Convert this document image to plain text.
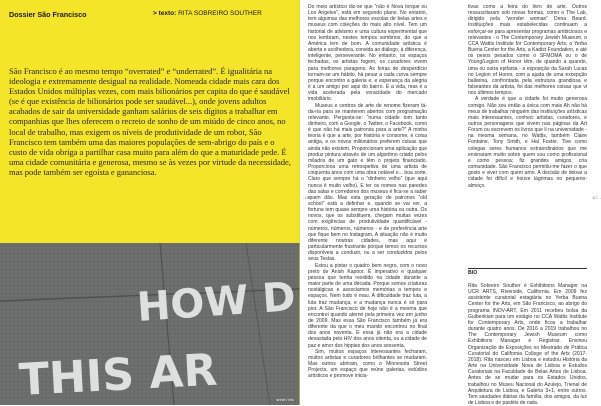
Dossier São Francisco	> texto: RITA SOBREIRO SOUTHER
São Francisco é ao mesmo tempo “overrated” e “underrated”. É igualitária na ideologia e extremamente desigual na realidade. Nomeada cidade mais cara dos Estados Unidos múltiplas vezes, com mais bilionários per capita do que é saudável (se é que existência de bilionários pode ser saudável...), onde jovens adultos acabados de sair da universidade ganham salários de seis dígitos a trabalhar em companhias que lhes oferecem o recreio de sonho de um miúdo de cinco anos, no local de trabalho, mas exigem os níveis de produtividade de um robot, São Francisco tem também uma das maiores populações de sem-abrigo do país e o custo de vida obriga a partilhar casa muito para além do que a maturidade pede. É uma cidade comunitária e generosa, mesmo se às vezes por virtude da necessidade, mas pode também ser egoísta e gananciosa.
THIS AR
HOW D
artnet / info

Do meio artístico diz-se que “não é Nova Iorque ou Los Angeles”, está em segundo plano. No entanto, tem algumas das melhores escolas de belas artes e museus com coleções do mais alto nível. Tem um historial de ativismo e uma cultura experimental que nos lembram, nestes tempos sombrios, do que a América tem de bom. A comunidade artística é aberta e acolhedora, convida ao diálogo, à diferença, inteligente, perseverante. No entanto, os espaços fechadas, os artistas fogem, os curadores vivem para melhores paragens. As feiras de desperdício tornam-se um hábito, há pesar a cada curva sempre porque encontro a galeria e, e esperança da alegria é a um amigo por aqui do bairro. É a vida, mas é a vida acelerada pela voracidade do mercado imobiliário.

Museus e centros de arte de renome fizeram tá-da-ria para se manterem abertos com programação relevante. Pergunta-se: “numa cidade tom tanto dinheiro, com a Google, o Twitter, o Facebook, como é que não há mais patronos para a arte?” A minha teoria é que a arte, por história e consome, é coisa antiga, e os novos milionários preferem coisas que ainda não existem. Proporcionam uma aplicação que produz pintura através de um algoritmo criado pelos milados de um gato e têm o projeto financiado. Proporciona uma retrospetiva de uma artista de cinquenta anos com uma obra notável e... boa sorte. Claro que sempre há o “dinheiro velho” (que aqui nunca é muito velho). E ter os nomes nas paredes das salas e corredores dos museus é fica-se a saber quem dão. Mas esta geração de patronos “old school” está a definhar e, quando se vai ver, a fortuna tem quase sempre uma história ou outra. Os novos, que os substituem, chegam muitas vezes com exigências de produtividade quantificável - números, números, números - e de preferência arte que fique bem no Instagram. A situação não é muito diferente noutras cidades, mas aqui é particularmente frustrante porque temos os recursos disponíveis a conduzir, ou a ser conduzidos pelos seus Teslas.

Estou a pintar o quadro bem negro, com o novo preto de Anish Kapoor. É imperativo e qualquer pessoa que tenha residido na cidade durante a maior parte de uma década. Porque somos criaturas nostálgicas e associamos memórias a tempos e espaços. Nem tudo é mau. A dificuldade traz luta, a luta traz mudança, e a mudança nunca é só para pior. A São Francisco de hoje não é a mesma que encontrei quando aterrei pela primeira vez em junho de 2009. Mas essa São Francisco também já era diferente da que o meu marido encontrou no final dos anos noventa. E essa já não era a cidade devastada pelo HIV dos anos oitenta, ou a cidade de paz e amor dos hippies dos anos sessenta.

Sim, muitos espaços interessantes fecharam, muitos artistas e curadores brilhantes se mudaram. Mas outros abriram, como o Minnesota Street Projects, um espaço que reúne galerias, estúdios artísticos e promove inicia-

tivas como a feira do livro de arte. Outros ressuscitaram sob novas formas, como o The Lab, dirigido pela “wonder woman” Dena Beard. Instituições mais estabelecidas continuam a esforçar-se para apresentar programas ambiciosos e relevantes - o The Contemporary Jewish Museum, o CCA Wattis Institute for Contemporary Arts, o Yerba Buena Center for the Arts, a Kadist Foundation, e até os pesos pesados como o SFMOMA ou o de Young/Legion of Honor têm, de quando a quando, uma ou outra epifania - a exposição da Sarah Lucas no Legion of Honor, com a ajuda de uma excepção bailarina, confrontada pela estrutura grandiosa e falseantes da artista, foi das melhores coisas que vi nos últimos tempos.

A verdade é que a cidade foi muito generosa comigo. Não sou então a única com mais Ah não há meus de trabalhar ninguém das instituições artísticas mais interessantes, conheci artistas, curadores, e outros personagens que vivem nas páginas da Art Forum ou escrevem os livros que li na universidade - na mesma semana, no Wattis, também Claire Fontaine, Tony Smith, e Hal Foster. Tive como colegas seres humanos extraordinários que me ensinaram muito sobre quem sou como profissional e como pessoa; fiz grandes amigos, cria comunidade. São Francisco permitiu-me fazer o que gosto e viver com quem amo. A decisão de deixar a cidade foi difícil e houve lágrimas no pequeno-almoço.

←116	117→
BIO
Rita Sobreiro Souther é Exhibitions Manager na UCR ARTS, Riverside, California. Em 2009 fez assistente curatorial estagiária no Yerba Buena Center for the Arts, em São Francisco, ao abrigo do programa INOV-ART. Em 2011 recebeu bolsa da Gulbenkian para um estágio no CCA Wattis Institute for Contemporary Arts, onde ficou a trabalhar durante quatro anos. De 2016 a 2019 trabalhou no The Contemporary Jewish Museum como Exhibitions Manager e Registrar. Ensinou Organização de Exposições no Mestrado de Prática Curatorial do California College of the Arts (2017-2018). Rita nasceu em Lisboa e estudou História da Arte na Universidade Nova de Lisboa e Estudos Curatoriais na Faculdade de Belas Artes de Lisboa. Antes de se mudar para os Estados Unidos, trabalhou no Museu Nacional do Azulejo, Trienal de Arquitetura de Lisboa, e Galeria 3+1, entre outros. Tem saudades diárias da família, dos amigos, da luz de Lisboa e de pastéis de nata.
